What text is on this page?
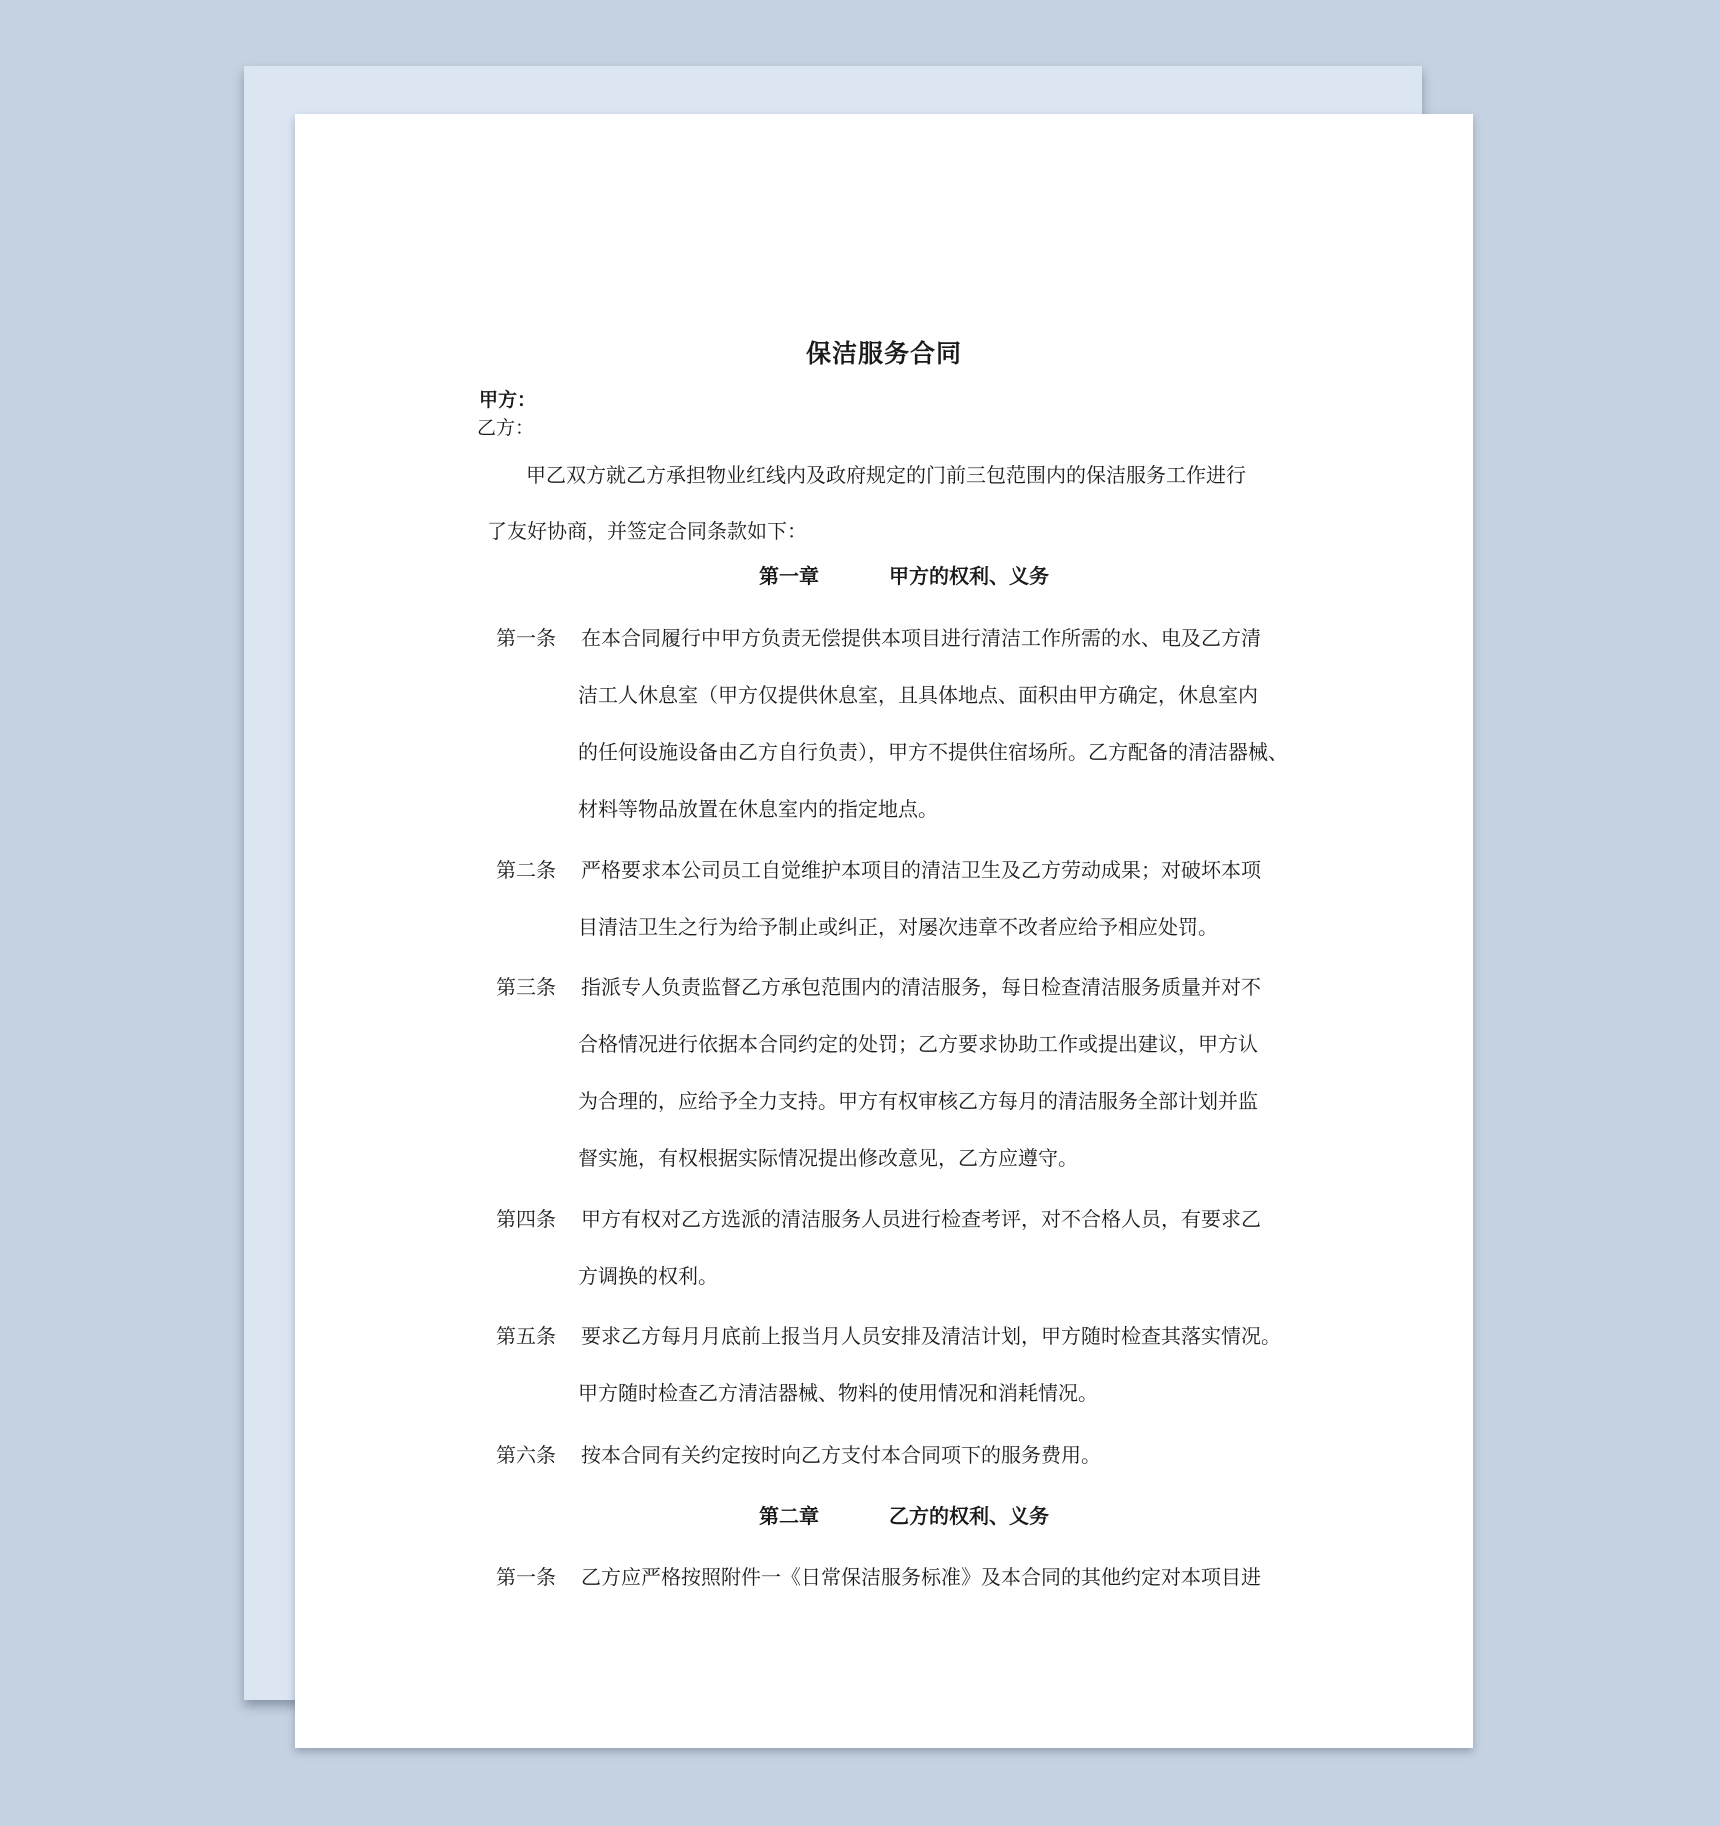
保洁服务合同
甲方：
乙方：
甲乙双方就乙方承担物业红线内及政府规定的门前三包范围内的保洁服务工作进行
了友好协商，并签定合同条款如下：
第一章	甲方的权利、义务
第一条 在本合同履行中甲方负责无偿提供本项目进行清洁工作所需的水、电及乙方清
洁工人休息室（甲方仅提供休息室，且具体地点、面积由甲方确定，休息室内
的任何设施设备由乙方自行负责），甲方不提供住宿场所。乙方配备的清洁器械、
材料等物品放置在休息室内的指定地点。
第二条 严格要求本公司员工自觉维护本项目的清洁卫生及乙方劳动成果；对破坏本项
目清洁卫生之行为给予制止或纠正，对屡次违章不改者应给予相应处罚。
第三条 指派专人负责监督乙方承包范围内的清洁服务，每日检查清洁服务质量并对不
合格情况进行依据本合同约定的处罚；乙方要求协助工作或提出建议，甲方认
为合理的，应给予全力支持。甲方有权审核乙方每月的清洁服务全部计划并监
督实施，有权根据实际情况提出修改意见，乙方应遵守。
第四条 甲方有权对乙方选派的清洁服务人员进行检查考评，对不合格人员，有要求乙
方调换的权利。
第五条 要求乙方每月月底前上报当月人员安排及清洁计划，甲方随时检查其落实情况。
甲方随时检查乙方清洁器械、物料的使用情况和消耗情况。
第六条 按本合同有关约定按时向乙方支付本合同项下的服务费用。
第二章	乙方的权利、义务
第一条 乙方应严格按照附件一《日常保洁服务标准》及本合同的其他约定对本项目进
